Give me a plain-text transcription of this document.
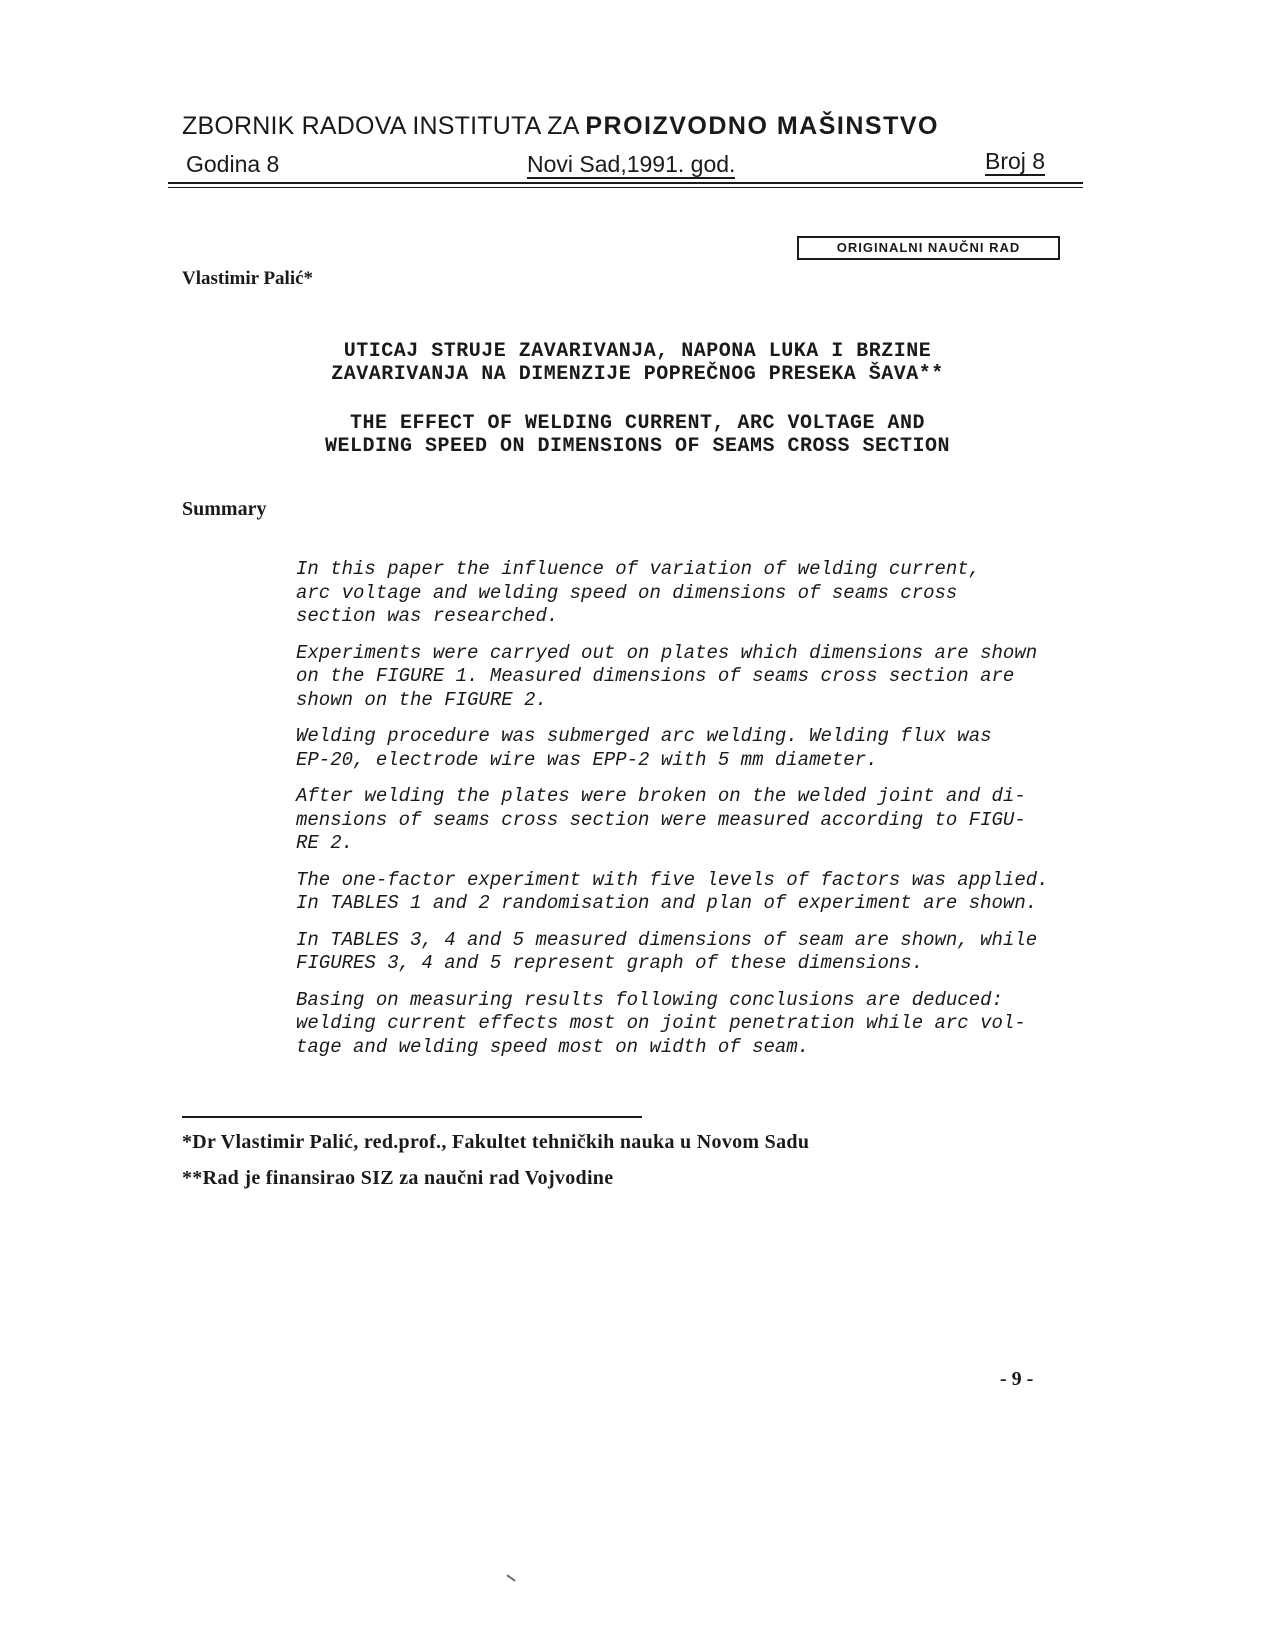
ZBORNIK RADOVA INSTITUTA ZA PROIZVODNO MAŠINSTVO
Godina 8	Novi Sad,1991. god.	Broj 8
ORIGINALNI NAUČNI RAD
Vlastimir Palić*
UTICAJ STRUJE ZAVARIVANJA, NAPONA LUKA I BRZINE
ZAVARIVANJA NA DIMENZIJE POPREČNOG PRESEKA ŠAVA**
THE EFFECT OF WELDING CURRENT, ARC VOLTAGE AND
WELDING SPEED ON DIMENSIONS OF SEAMS CROSS SECTION
Summary

In this paper the influence of variation of welding current,
arc voltage and welding speed on dimensions of seams cross
section was researched.

Experiments were carryed out on plates which dimensions are shown
on the FIGURE 1. Measured dimensions of seams cross section are
shown on the FIGURE 2.

Welding procedure was submerged arc welding. Welding flux was
EP-20, electrode wire was EPP-2 with 5 mm diameter.

After welding the plates were broken on the welded joint and di-
mensions of seams cross section were measured according to FIGU-
RE 2.

The one-factor experiment with five levels of factors was applied.
In TABLES 1 and 2 randomisation and plan of experiment are shown.

In TABLES 3, 4 and 5 measured dimensions of seam are shown, while
FIGURES 3, 4 and 5 represent graph of these dimensions.

Basing on measuring results following conclusions are deduced:
welding current effects most on joint penetration while arc vol-
tage and welding speed most on width of seam.

*Dr Vlastimir Palić, red.prof., Fakultet tehničkih nauka u Novom Sadu
**Rad je finansirao SIZ za naučni rad Vojvodine
- 9 -
